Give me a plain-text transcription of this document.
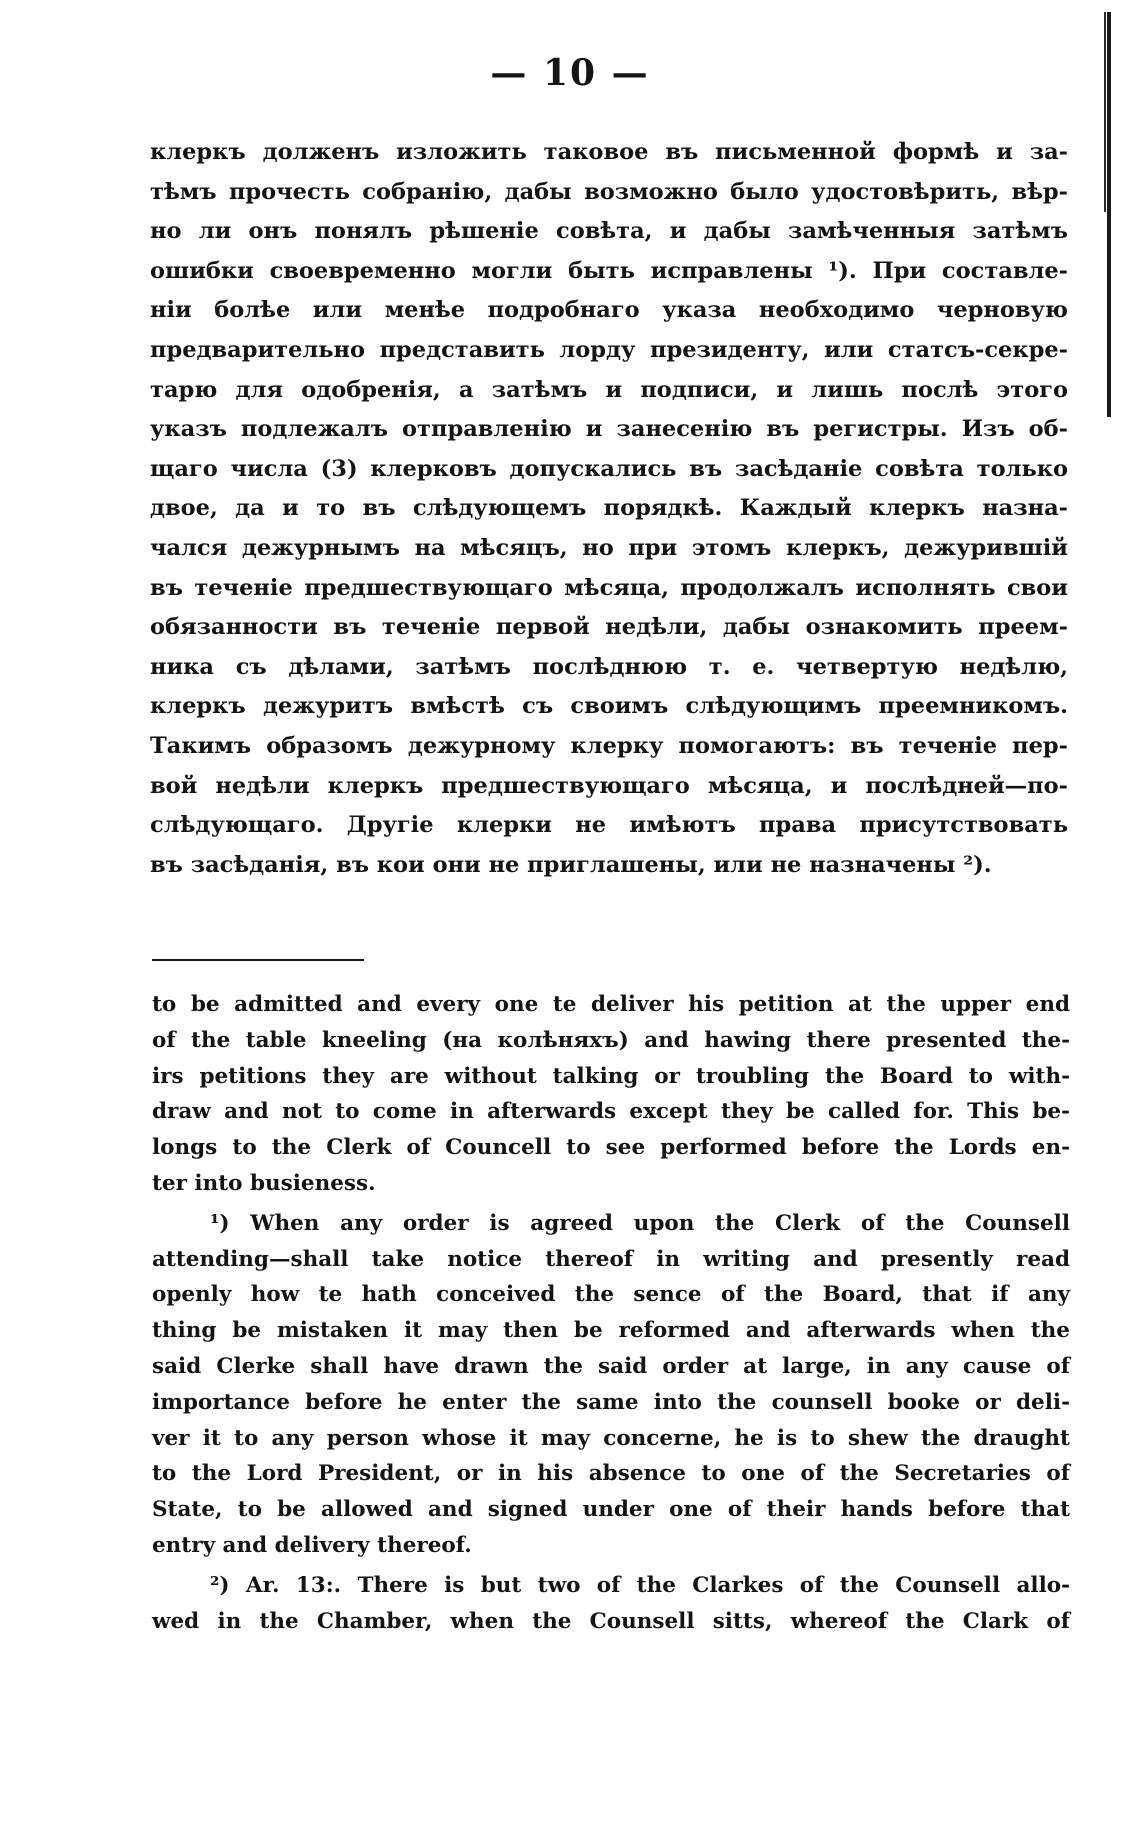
— 10 —
клеркъ долженъ изложить таковое въ письменной формѣ и за-
тѣмъ прочесть собранію, дабы возможно было удостовѣрить, вѣр-
но ли онъ понялъ рѣшеніе совѣта, и дабы замѣченныя затѣмъ
ошибки своевременно могли быть исправлены ¹). При составле-
ніи болѣе или менѣе подробнаго указа необходимо черновую
предварительно представить лорду президенту, или статсъ-секре-
тарю для одобренія, а затѣмъ и подписи, и лишь послѣ этого
указъ подлежалъ отправленію и занесенію въ регистры. Изъ об-
щаго числа (3) клерковъ допускались въ засѣданіе совѣта только
двое, да и то въ слѣдующемъ порядкѣ. Каждый клеркъ назна-
чался дежурнымъ на мѣсяцъ, но при этомъ клеркъ, дежурившій
въ теченіе предшествующаго мѣсяца, продолжалъ исполнять свои
обязанности въ теченіе первой недѣли, дабы ознакомить преем-
ника съ дѣлами, затѣмъ послѣднюю т. е. четвертую недѣлю,
клеркъ дежуритъ вмѣстѣ съ своимъ слѣдующимъ преемникомъ.
Такимъ образомъ дежурному клерку помогаютъ: въ теченіе пер-
вой недѣли клеркъ предшествующаго мѣсяца, и послѣдней—по-
слѣдующаго. Другіе клерки не имѣютъ права присутствовать
въ засѣданія, въ кои они не приглашены, или не назначены ²).
to be admitted and every one te deliver his petition at the upper end
of the table kneeling (на колѣняхъ) and hawing there presented the-
irs petitions they are without talking or troubling the Board to with-
draw and not to come in afterwards except they be called for. This be-
longs to the Clerk of Councell to see performed before the Lords en-
ter into busieness.
¹) When any order is agreed upon the Clerk of the Counsell
attending—shall take notice thereof in writing and presently read
openly how te hath conceived the sence of the Board, that if any
thing be mistaken it may then be reformed and afterwards when the
said Clerke shall have drawn the said order at large, in any cause of
importance before he enter the same into the counsell booke or deli-
ver it to any person whose it may concerne, he is to shew the draught
to the Lord President, or in his absence to one of the Secretaries of
State, to be allowed and signed under one of their hands before that
entry and delivery thereof.
²) Ar. 13:. There is but two of the Clarkes of the Counsell allo-
wed in the Chamber, when the Counsell sitts, whereof the Clark of
